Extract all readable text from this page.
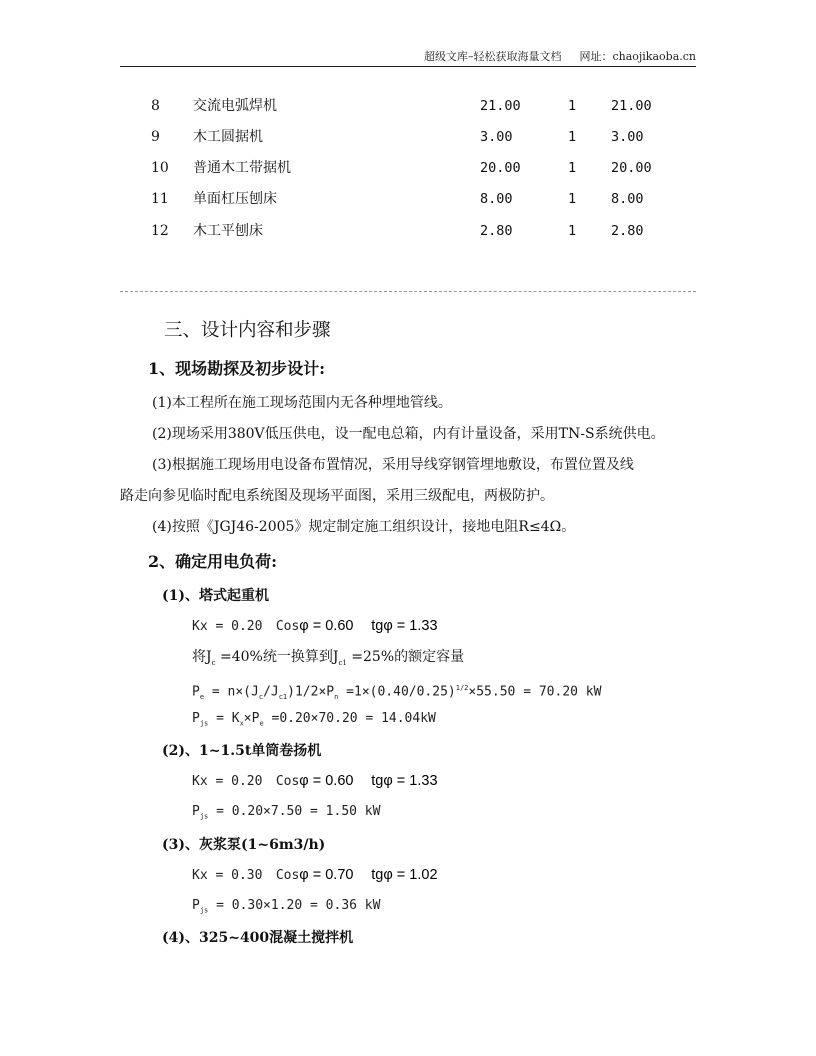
超级文库–轻松获取海量文档 网址：chaojikaoba.cn
8 交流电弧焊机	21.00	1	21.00
9 木工圆据机	3.00	1	3.00
10 普通木工带据机	20.00	1	20.00
11 单面杠压刨床	8.00	1	8.00
12 木工平刨床	2.80	1	2.80
三、设计内容和步骤
1、现场勘探及初步设计:
(1)本工程所在施工现场范围内无各种埋地管线。
(2)现场采用380V低压供电，设一配电总箱，内有计量设备，采用TN-S系统供电。
(3)根据施工现场用电设备布置情况，采用导线穿钢管埋地敷设，布置位置及线
路走向参见临时配电系统图及现场平面图，采用三级配电，两极防护。
(4)按照《JGJ46-2005》规定制定施工组织设计，接地电阻R≤4Ω。
2、确定用电负荷:
(1)、塔式起重机
Kx = 0.20 Cosφ = 0.60 tgφ = 1.33
将$J_c =40\%$统一换算到$J_{c1} =25\%$的额定容量
$P_e = n\times(J_c/J_{c1})1/2\times P_n =1\times(0.40/0.25)^{1/2}\times 55.50 = 70.20$ kW
$P_{js} = K_x\times P_e =0.20\times 70.20 = 14.04kW$
(2)、1~1.5t单筒卷扬机
Kx = 0.20 Cosφ = 0.60 tgφ = 1.33
$P_{js} = 0.20\times 7.50 = 1.50$ kW
(3)、灰浆泵(1~6m3/h)
Kx = 0.30 Cosφ = 0.70 tgφ = 1.02
$P_{js} = 0.30\times 1.20 = 0.36$ kW
(4)、325~400混凝土搅拌机
